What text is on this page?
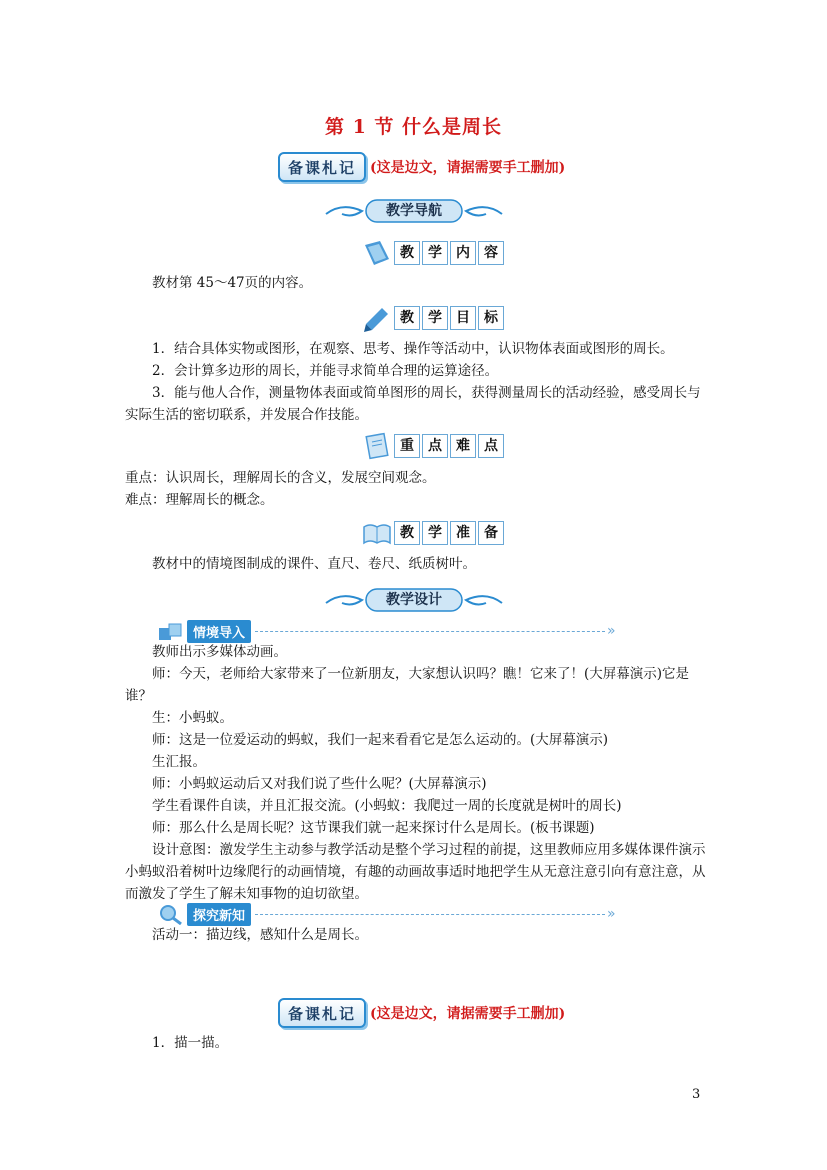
第 1 节 什么是周长
备课札记	(这是边文，请据需要手工删加)
教学导航
教	学	内	容
教材第 45～47页的内容。
教	学	目	标
1．结合具体实物或图形，在观察、思考、操作等活动中，认识物体表面或图形的周长。
2．会计算多边形的周长，并能寻求简单合理的运算途径。
3．能与他人合作，测量物体表面或简单图形的周长，获得测量周长的活动经验，感受周长与实际生活的密切联系，并发展合作技能。
重	点	难	点
重点：认识周长，理解周长的含义，发展空间观念。
难点：理解周长的概念。
教	学	准	备
教材中的情境图制成的课件、直尺、卷尺、纸质树叶。
教学设计
情境导入	»
教师出示多媒体动画。
师：今天，老师给大家带来了一位新朋友，大家想认识吗？瞧！它来了！(大屏幕演示)它是谁？
生：小蚂蚁。
师：这是一位爱运动的蚂蚁，我们一起来看看它是怎么运动的。(大屏幕演示)
生汇报。
师：小蚂蚁运动后又对我们说了些什么呢？(大屏幕演示)
学生看课件自读，并且汇报交流。(小蚂蚁：我爬过一周的长度就是树叶的周长)
师：那么什么是周长呢？这节课我们就一起来探讨什么是周长。(板书课题)
设计意图：激发学生主动参与教学活动是整个学习过程的前提，这里教师应用多媒体课件演示小蚂蚁沿着树叶边缘爬行的动画情境，有趣的动画故事适时地把学生从无意注意引向有意注意，从而激发了学生了解未知事物的迫切欲望。
探究新知	»
活动一：描边线，感知什么是周长。
备课札记	(这是边文，请据需要手工删加)
1．描一描。
3
